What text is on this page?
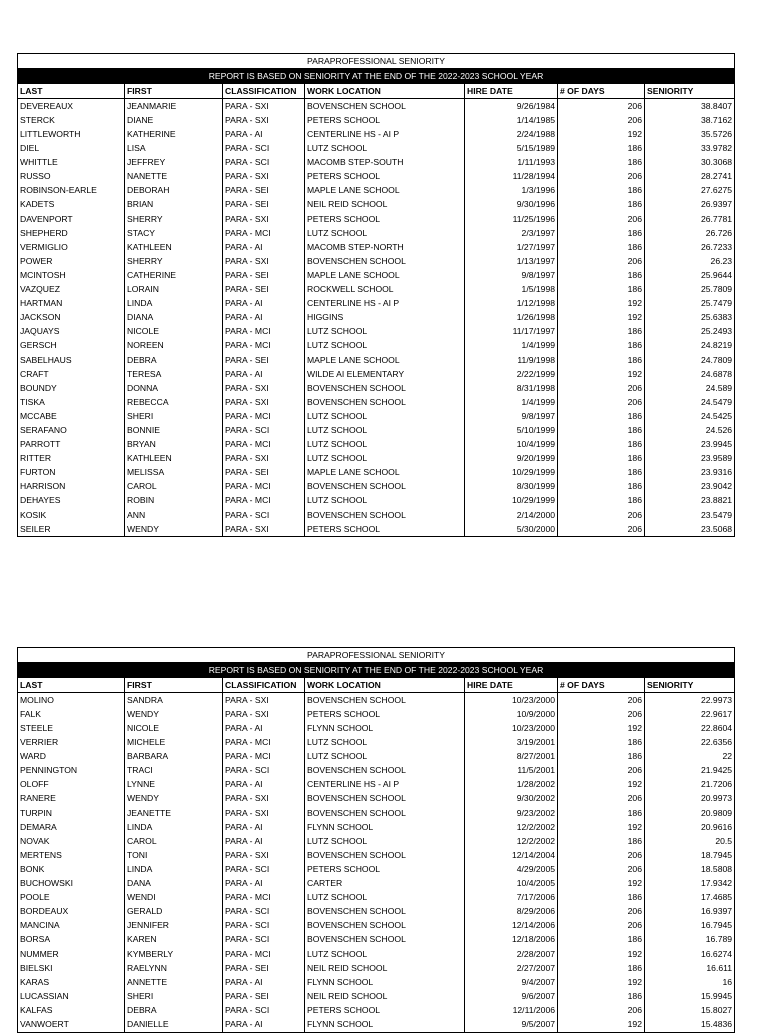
PARAPROFESSIONAL SENIORITY						
REPORT IS BASED ON SENIORITY AT THE END OF THE 2022-2023 SCHOOL YEAR						
LAST	FIRST	CLASSIFICATION	WORK LOCATION	HIRE DATE	# OF DAYS	SENIORITY
DEVEREAUX	JEANMARIE	PARA - SXI	BOVENSCHEN SCHOOL	9/26/1984	206	38.8407
STERCK	DIANE	PARA - SXI	PETERS SCHOOL	1/14/1985	206	38.7162
LITTLEWORTH	KATHERINE	PARA - AI	CENTERLINE HS - AI P	2/24/1988	192	35.5726
DIEL	LISA	PARA - SCI	LUTZ SCHOOL	5/15/1989	186	33.9782
WHITTLE	JEFFREY	PARA - SCI	MACOMB STEP-SOUTH	1/11/1993	186	30.3068
RUSSO	NANETTE	PARA - SXI	PETERS SCHOOL	11/28/1994	206	28.2741
ROBINSON-EARLE	DEBORAH	PARA - SEI	MAPLE LANE SCHOOL	1/3/1996	186	27.6275
KADETS	BRIAN	PARA - SEI	NEIL REID SCHOOL	9/30/1996	186	26.9397
DAVENPORT	SHERRY	PARA - SXI	PETERS SCHOOL	11/25/1996	206	26.7781
SHEPHERD	STACY	PARA - MCI	LUTZ SCHOOL	2/3/1997	186	26.726
VERMIGLIO	KATHLEEN	PARA - AI	MACOMB STEP-NORTH	1/27/1997	186	26.7233
POWER	SHERRY	PARA - SXI	BOVENSCHEN SCHOOL	1/13/1997	206	26.23
MCINTOSH	CATHERINE	PARA - SEI	MAPLE LANE SCHOOL	9/8/1997	186	25.9644
VAZQUEZ	LORAIN	PARA - SEI	ROCKWELL SCHOOL	1/5/1998	186	25.7809
HARTMAN	LINDA	PARA - AI	CENTERLINE HS - AI P	1/12/1998	192	25.7479
JACKSON	DIANA	PARA - AI	HIGGINS	1/26/1998	192	25.6383
JAQUAYS	NICOLE	PARA - MCI	LUTZ SCHOOL	11/17/1997	186	25.2493
GERSCH	NOREEN	PARA - MCI	LUTZ SCHOOL	1/4/1999	186	24.8219
SABELHAUS	DEBRA	PARA - SEI	MAPLE LANE SCHOOL	11/9/1998	186	24.7809
CRAFT	TERESA	PARA - AI	WILDE AI ELEMENTARY	2/22/1999	192	24.6878
BOUNDY	DONNA	PARA - SXI	BOVENSCHEN SCHOOL	8/31/1998	206	24.589
TISKA	REBECCA	PARA - SXI	BOVENSCHEN SCHOOL	1/4/1999	206	24.5479
MCCABE	SHERI	PARA - MCI	LUTZ SCHOOL	9/8/1997	186	24.5425
SERAFANO	BONNIE	PARA - SCI	LUTZ SCHOOL	5/10/1999	186	24.526
PARROTT	BRYAN	PARA - MCI	LUTZ SCHOOL	10/4/1999	186	23.9945
RITTER	KATHLEEN	PARA - SXI	LUTZ SCHOOL	9/20/1999	186	23.9589
FURTON	MELISSA	PARA - SEI	MAPLE LANE SCHOOL	10/29/1999	186	23.9316
HARRISON	CAROL	PARA - MCI	BOVENSCHEN SCHOOL	8/30/1999	186	23.9042
DEHAYES	ROBIN	PARA - MCI	LUTZ SCHOOL	10/29/1999	186	23.8821
KOSIK	ANN	PARA - SCI	BOVENSCHEN SCHOOL	2/14/2000	206	23.5479
SEILER	WENDY	PARA - SXI	PETERS SCHOOL	5/30/2000	206	23.5068
PARAPROFESSIONAL SENIORITY						
REPORT IS BASED ON SENIORITY AT THE END OF THE 2022-2023 SCHOOL YEAR						
LAST	FIRST	CLASSIFICATION	WORK LOCATION	HIRE DATE	# OF DAYS	SENIORITY
MOLINO	SANDRA	PARA - SXI	BOVENSCHEN SCHOOL	10/23/2000	206	22.9973
FALK	WENDY	PARA - SXI	PETERS SCHOOL	10/9/2000	206	22.9617
STEELE	NICOLE	PARA - AI	FLYNN SCHOOL	10/23/2000	192	22.8604
VERRIER	MICHELE	PARA - MCI	LUTZ SCHOOL	3/19/2001	186	22.6356
WARD	BARBARA	PARA - MCI	LUTZ SCHOOL	8/27/2001	186	22
PENNINGTON	TRACI	PARA - SCI	BOVENSCHEN SCHOOL	11/5/2001	206	21.9425
OLOFF	LYNNE	PARA - AI	CENTERLINE HS - AI P	1/28/2002	192	21.7206
RANERE	WENDY	PARA - SXI	BOVENSCHEN SCHOOL	9/30/2002	206	20.9973
TURPIN	JEANETTE	PARA - SXI	BOVENSCHEN SCHOOL	9/23/2002	186	20.9809
DEMARA	LINDA	PARA - AI	FLYNN SCHOOL	12/2/2002	192	20.9616
NOVAK	CAROL	PARA - AI	LUTZ SCHOOL	12/2/2002	186	20.5
MERTENS	TONI	PARA - SXI	BOVENSCHEN SCHOOL	12/14/2004	206	18.7945
BONK	LINDA	PARA - SCI	PETERS SCHOOL	4/29/2005	206	18.5808
BUCHOWSKI	DANA	PARA - AI	CARTER	10/4/2005	192	17.9342
POOLE	WENDI	PARA - MCI	LUTZ SCHOOL	7/17/2006	186	17.4685
BORDEAUX	GERALD	PARA - SCI	BOVENSCHEN SCHOOL	8/29/2006	206	16.9397
MANCINA	JENNIFER	PARA - SCI	BOVENSCHEN SCHOOL	12/14/2006	206	16.7945
BORSA	KAREN	PARA - SCI	BOVENSCHEN SCHOOL	12/18/2006	186	16.789
NUMMER	KYMBERLY	PARA - MCI	LUTZ SCHOOL	2/28/2007	192	16.6274
BIELSKI	RAELYNN	PARA - SEI	NEIL REID SCHOOL	2/27/2007	186	16.611
KARAS	ANNETTE	PARA - AI	FLYNN SCHOOL	9/4/2007	192	16
LUCASSIAN	SHERI	PARA - SEI	NEIL REID SCHOOL	9/6/2007	186	15.9945
KALFAS	DEBRA	PARA - SCI	PETERS SCHOOL	12/11/2006	206	15.8027
VANWOERT	DANIELLE	PARA - AI	FLYNN SCHOOL	9/5/2007	192	15.4836
